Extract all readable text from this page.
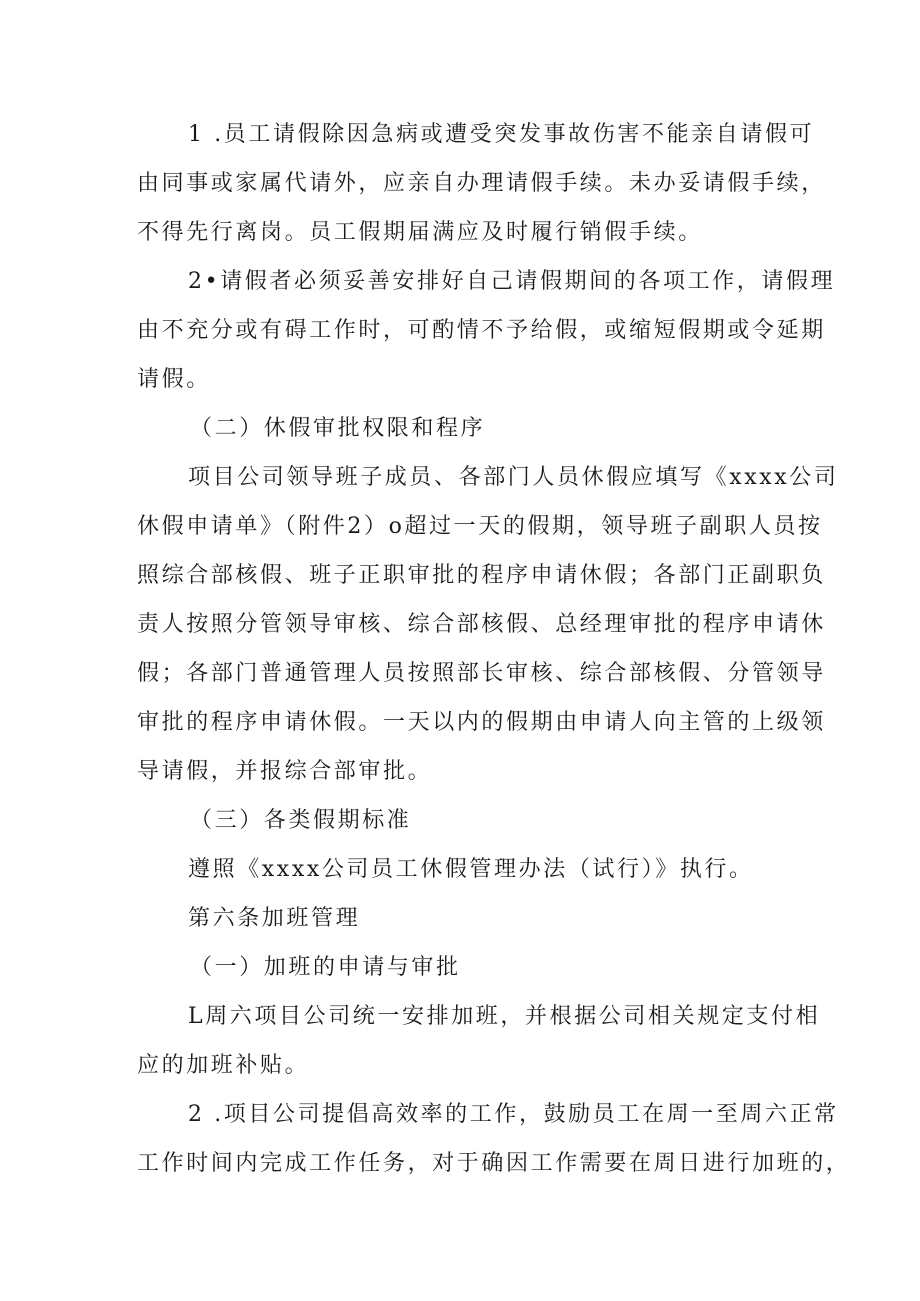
1 .员工请假除因急病或遭受突发事故伤害不能亲自请假可
由同事或家属代请外，应亲自办理请假手续。未办妥请假手续，
不得先行离岗。员工假期届满应及时履行销假手续。
2•请假者必须妥善安排好自己请假期间的各项工作，请假理
由不充分或有碍工作时，可酌情不予给假，或缩短假期或令延期
请假。
（二）休假审批权限和程序
项目公司领导班子成员、各部门人员休假应填写《xxxx公司
休假申请单》（附件2）o超过一天的假期，领导班子副职人员按
照综合部核假、班子正职审批的程序申请休假；各部门正副职负
责人按照分管领导审核、综合部核假、总经理审批的程序申请休
假；各部门普通管理人员按照部长审核、综合部核假、分管领导
审批的程序申请休假。一天以内的假期由申请人向主管的上级领
导请假，并报综合部审批。
（三）各类假期标准
遵照《xxxx公司员工休假管理办法（试行）》执行。
第六条加班管理
（一）加班的申请与审批
L周六项目公司统一安排加班，并根据公司相关规定支付相
应的加班补贴。
2 .项目公司提倡高效率的工作，鼓励员工在周一至周六正常
工作时间内完成工作任务，对于确因工作需要在周日进行加班的，
